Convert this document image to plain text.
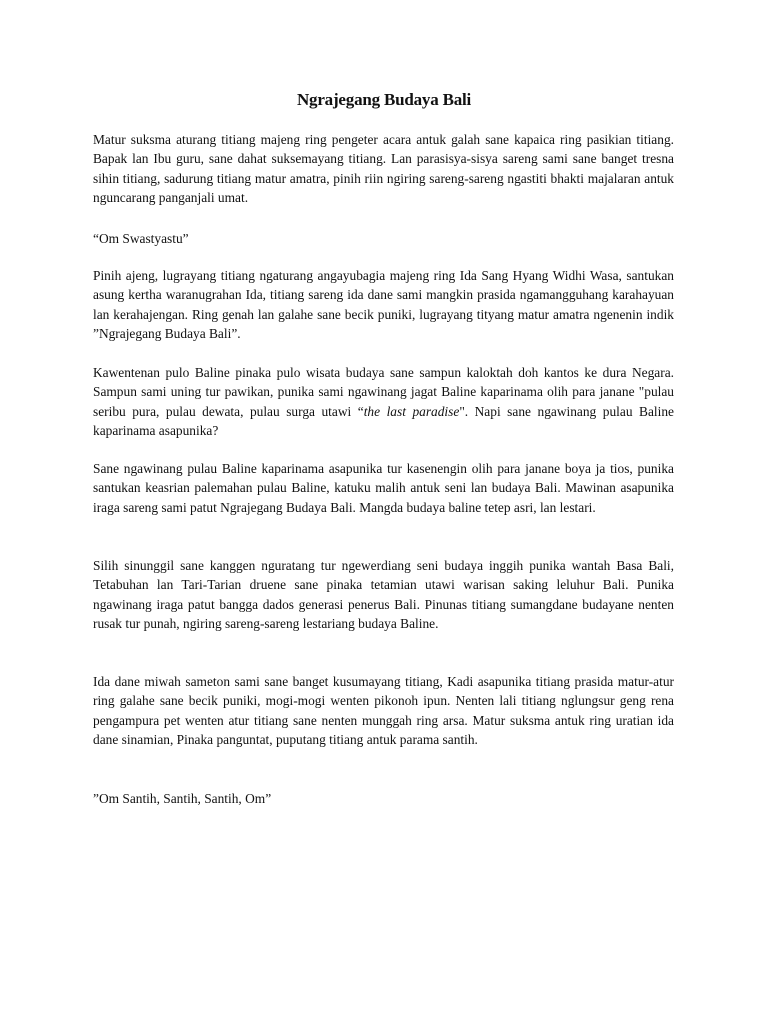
Ngrajegang Budaya Bali

Matur suksma aturang titiang majeng ring pengeter acara antuk galah sane kapaica ring pasikian titiang. Bapak lan Ibu guru, sane dahat suksemayang titiang. Lan parasisya-sisya sareng sami sane banget tresna sihin titiang, sadurung titiang matur amatra, pinih riin ngiring sareng-sareng ngastiti bhakti majalaran antuk nguncarang panganjali umat.

“Om Swastyastu”

Pinih ajeng, lugrayang titiang ngaturang angayubagia majeng ring Ida Sang Hyang Widhi Wasa, santukan asung kertha waranugrahan Ida, titiang sareng ida dane sami mangkin prasida ngamangguhang karahayuan lan kerahajengan. Ring genah lan galahe sane becik puniki, lugrayang tityang matur amatra ngenenin indik ”Ngrajegang Budaya Bali”.

Kawentenan pulo Baline pinaka pulo wisata budaya sane sampun kaloktah doh kantos ke dura Negara. Sampun sami uning tur pawikan, punika sami ngawinang jagat Baline kaparinama olih para janane "pulau seribu pura, pulau dewata, pulau surga utawi “the last paradise". Napi sane ngawinang pulau Baline kaparinama asapunika?

Sane ngawinang pulau Baline kaparinama asapunika tur kasenengin olih para janane boya ja tios, punika santukan keasrian palemahan pulau Baline, katuku malih antuk seni lan budaya Bali. Mawinan asapunika iraga sareng sami patut Ngrajegang Budaya Bali. Mangda budaya baline tetep asri, lan lestari.

Silih sinunggil sane kanggen nguratang tur ngewerdiang seni budaya inggih punika wantah Basa Bali, Tetabuhan lan Tari-Tarian druene sane pinaka tetamian utawi warisan saking leluhur Bali. Punika ngawinang iraga patut bangga dados generasi penerus Bali. Pinunas titiang sumangdane budayane nenten rusak tur punah, ngiring sareng-sareng lestariang budaya Baline.

Ida dane miwah sameton sami sane banget kusumayang titiang, Kadi asapunika titiang prasida matur-atur ring galahe sane becik puniki, mogi-mogi wenten pikonoh ipun. Nenten lali titiang nglungsur geng rena pengampura pet wenten atur titiang sane nenten munggah ring arsa. Matur suksma antuk ring uratian ida dane sinamian, Pinaka panguntat, puputang titiang antuk parama santih.

”Om Santih, Santih, Santih, Om”
